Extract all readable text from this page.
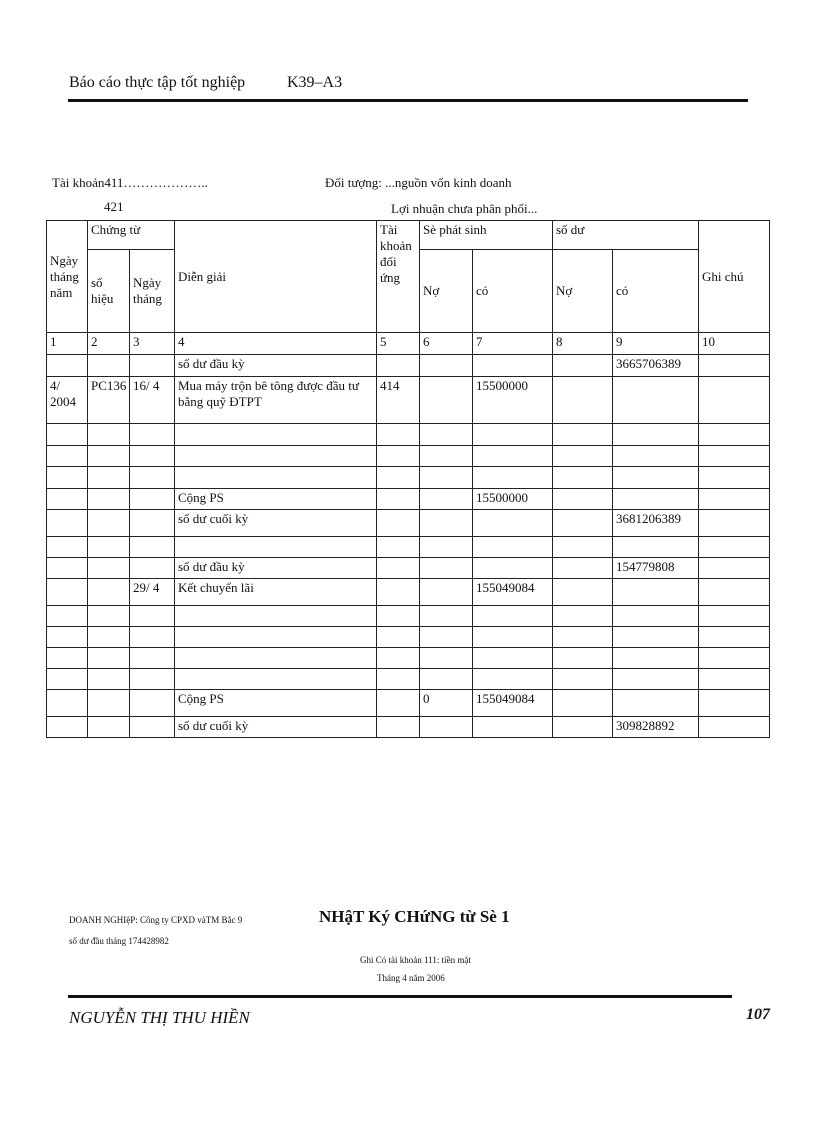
Báo cáo thực tập tốt nghiệp	K39–A3
Tài khoản411………………..	Đối tượng: ...nguồn vốn kinh doanh
421	Lợi nhuận chưa phân phối...
Ngày tháng năm	Chứng từ		Diễn giải	Tài khoản đối ứng	Sè phát sinh		số dư		Ghi chú
	số hiệu	Ngày tháng			Nợ	có	Nợ	có	
1	2	3	4	5	6	7	8	9	10
			số dư đầu kỳ					3665706389	
4/ 2004	PC136	16/ 4	Mua máy trộn bê tông được đầu tư bằng quỹ ĐTPT	414		15500000			

			Cộng PS			15500000			
			số dư cuối kỳ					3681206389	

			số dư đầu kỳ					154779808	
		29/ 4	Kết chuyển lãi			155049084			

			Cộng PS		0	155049084			
			số dư cuối kỳ					309828892	
DOANH NGHIệP: Công ty CPXD vàTM Bắc 9
số dư đầu tháng 174428982
NHậT Ký CHứNG từ Sè 1
Ghi Có tài khoản 111: tiền mặt
Tháng 4 năm 2006
NGUYỄN THỊ THU HIỀN	107
